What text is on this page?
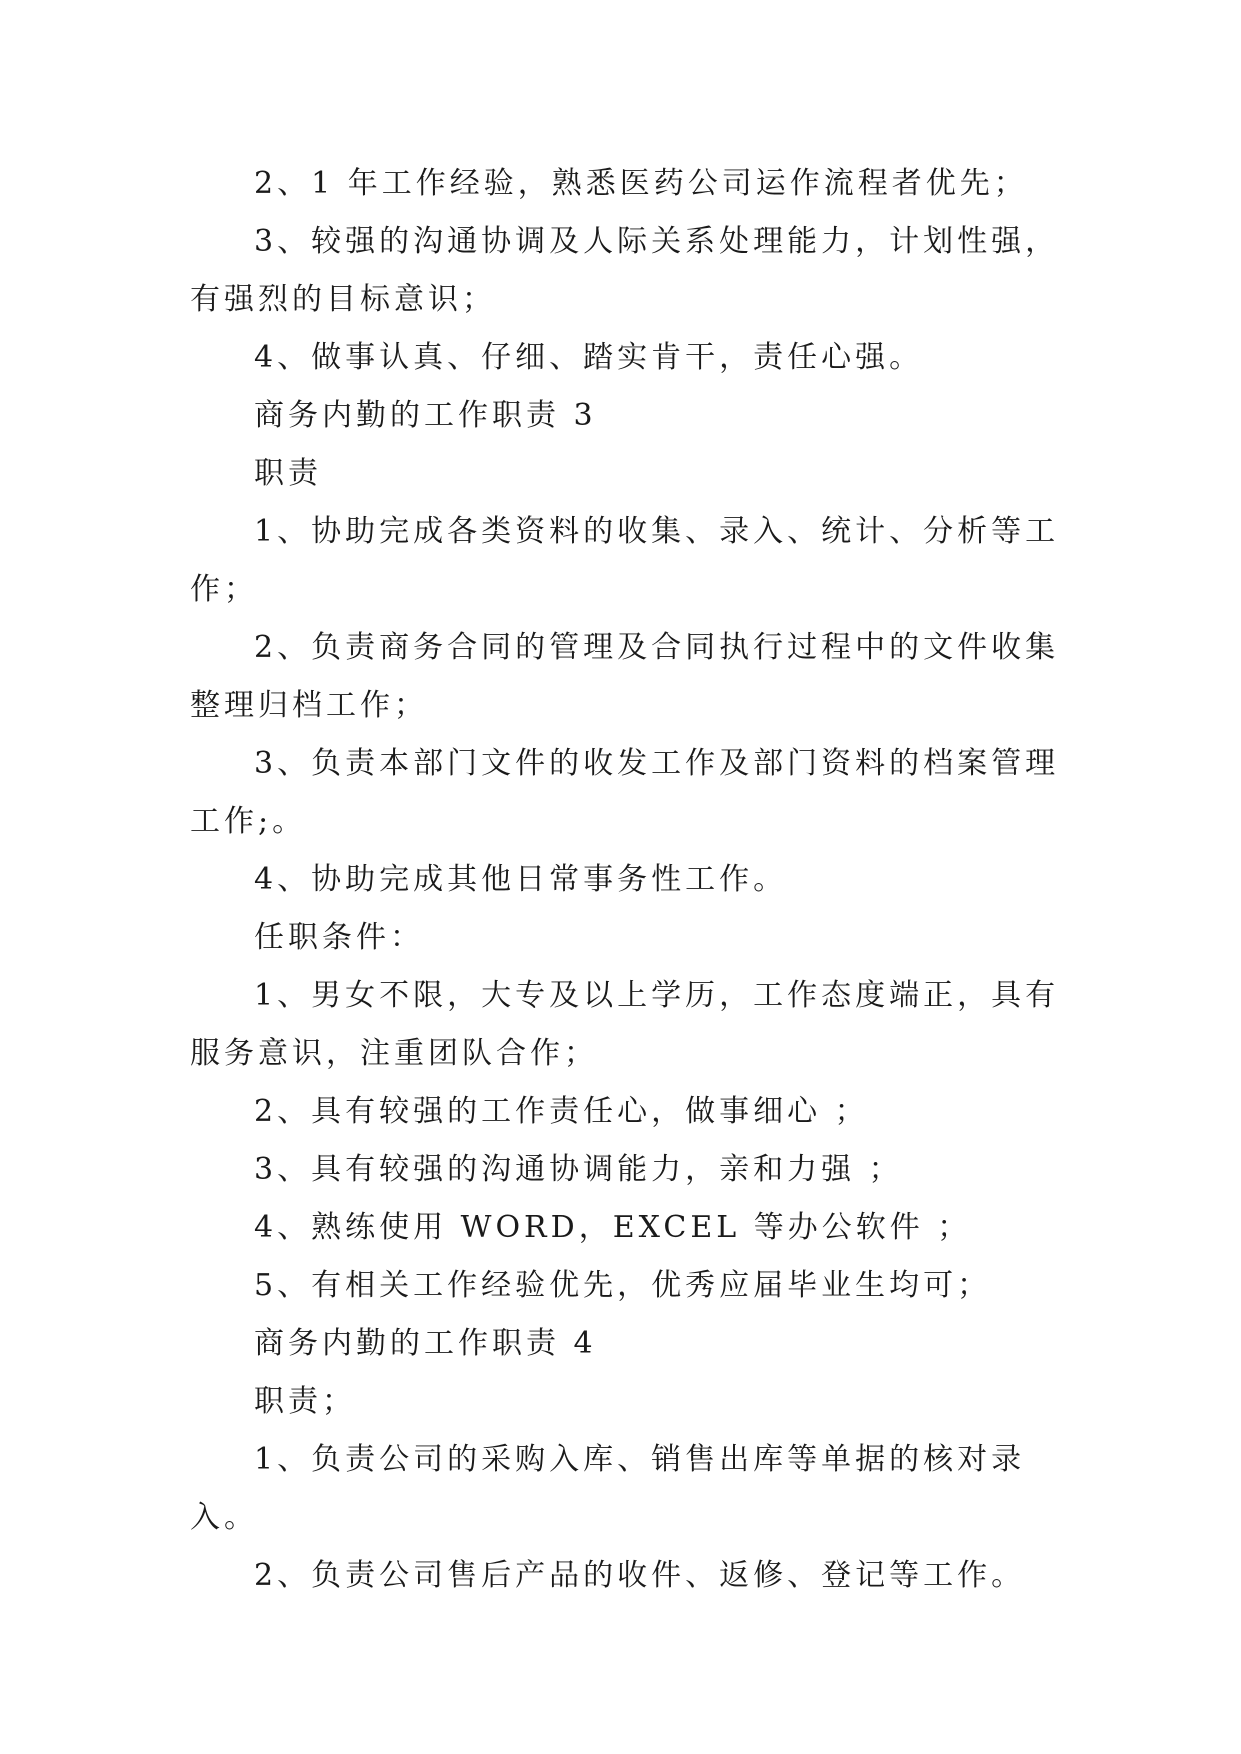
2、1 年工作经验，熟悉医药公司运作流程者优先；

3、较强的沟通协调及人际关系处理能力，计划性强，有强烈的目标意识；

4、做事认真、仔细、踏实肯干，责任心强。

商务内勤的工作职责 3

职责

1、协助完成各类资料的收集、录入、统计、分析等工作；

2、负责商务合同的管理及合同执行过程中的文件收集整理归档工作；

3、负责本部门文件的收发工作及部门资料的档案管理工作;。

4、协助完成其他日常事务性工作。

任职条件：

1、男女不限，大专及以上学历，工作态度端正，具有服务意识，注重团队合作；

2、具有较强的工作责任心，做事细心 ；

3、具有较强的沟通协调能力，亲和力强 ；

4、熟练使用 WORD，EXCEL 等办公软件 ；

5、有相关工作经验优先，优秀应届毕业生均可；

商务内勤的工作职责 4

职责；

1、负责公司的采购入库、销售出库等单据的核对录入。

2、负责公司售后产品的收件、返修、登记等工作。
